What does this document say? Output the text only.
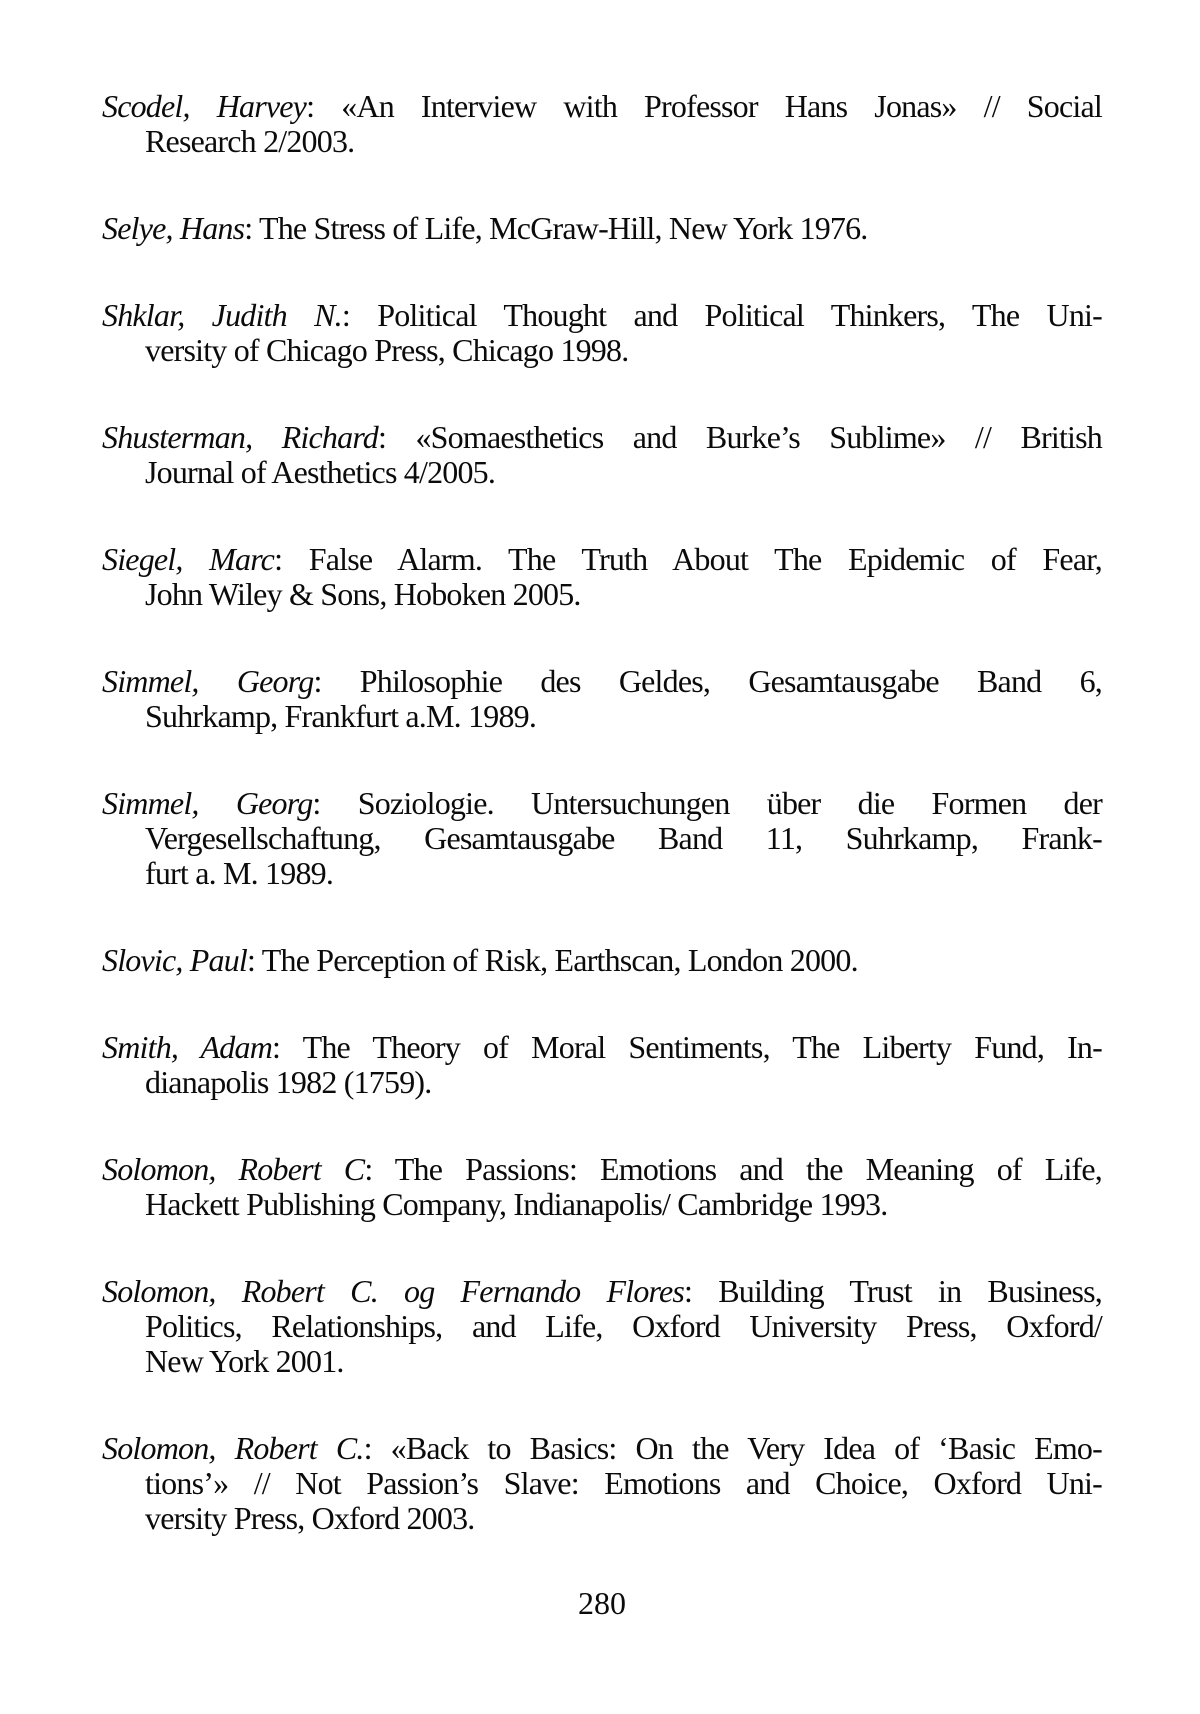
Scodel, Harvey: «An Interview with Professor Hans Jonas» // Social
Research 2/2003.

Selye, Hans: The Stress of Life, McGraw-Hill, New York 1976.

Shklar, Judith N.: Political Thought and Political Thinkers, The Uni-
versity of Chicago Press, Chicago 1998.

Shusterman, Richard: «Somaesthetics and Burke’s Sublime» // British
Journal of Aesthetics 4/2005.

Siegel, Marc: False Alarm. The Truth About The Epidemic of Fear,
John Wiley & Sons, Hoboken 2005.

Simmel, Georg: Philosophie des Geldes, Gesamtausgabe Band 6,
Suhrkamp, Frankfurt a.M. 1989.

Simmel, Georg: Soziologie. Untersuchungen über die Formen der
Vergesellschaftung, Gesamtausgabe Band 11, Suhrkamp, Frank-
furt a. M. 1989.

Slovic, Paul: The Perception of Risk, Earthscan, London 2000.

Smith, Adam: The Theory of Moral Sentiments, The Liberty Fund, In-
dianapolis 1982 (1759).

Solomon, Robert C: The Passions: Emotions and the Meaning of Life,
Hackett Publishing Company, Indianapolis/ Cambridge 1993.

Solomon, Robert C. og Fernando Flores: Building Trust in Business,
Politics, Relationships, and Life, Oxford University Press, Oxford/
New York 2001.

Solomon, Robert C.: «Back to Basics: On the Very Idea of ‘Basic Emo-
tions’» // Not Passion’s Slave: Emotions and Choice, Oxford Uni-
versity Press, Oxford 2003.

280
